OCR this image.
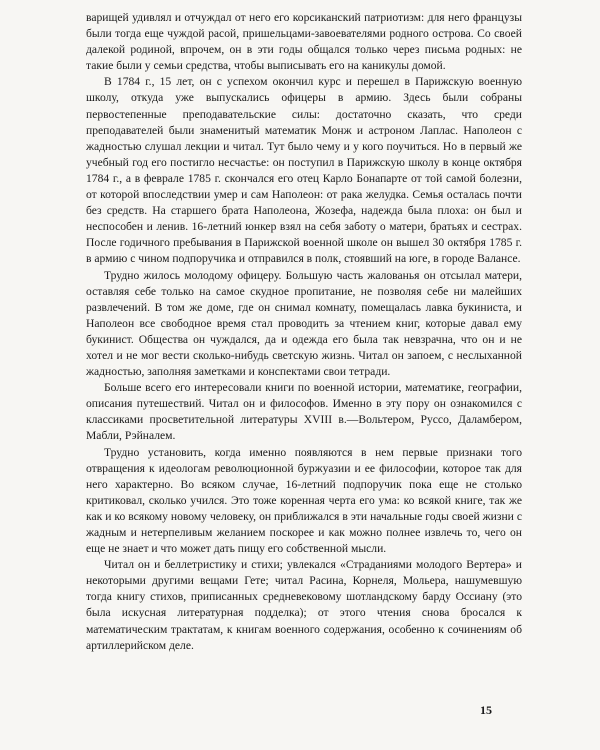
варищей удивлял и отчуждал от него его корсиканский патриотизм: для него французы были тогда еще чуждой расой, пришельцами-завоевателями родного острова. Со своей далекой родиной, впрочем, он в эти годы общался только через письма родных: не такие были у семьи средства, чтобы выписывать его на каникулы домой.

В 1784 г., 15 лет, он с успехом окончил курс и перешел в Парижскую военную школу, откуда уже выпускались офицеры в армию. Здесь были собраны первостепенные преподавательские силы: достаточно сказать, что среди преподавателей были знаменитый математик Монж и астроном Лаплас. Наполеон с жадностью слушал лекции и читал. Тут было чему и у кого поучиться. Но в первый же учебный год его постигло несчастье: он поступил в Парижскую школу в конце октября 1784 г., а в феврале 1785 г. скончался его отец Карло Бонапарте от той самой болезни, от которой впоследствии умер и сам Наполеон: от рака желудка. Семья осталась почти без средств. На старшего брата Наполеона, Жозефа, надежда была плоха: он был и неспособен и ленив. 16-летний юнкер взял на себя заботу о матери, братьях и сестрах. После годичного пребывания в Парижской военной школе он вышел 30 октября 1785 г. в армию с чином подпоручика и отправился в полк, стоявший на юге, в городе Валансе.

Трудно жилось молодому офицеру. Большую часть жалованья он отсылал матери, оставляя себе только на самое скудное пропитание, не позволяя себе ни малейших развлечений. В том же доме, где он снимал комнату, помещалась лавка букиниста, и Наполеон все свободное время стал проводить за чтением книг, которые давал ему букинист. Общества он чуждался, да и одежда его была так невзрачна, что он и не хотел и не мог вести сколько-нибудь светскую жизнь. Читал он запоем, с неслыханной жадностью, заполняя заметками и конспектами свои тетради.

Больше всего его интересовали книги по военной истории, математике, географии, описания путешествий. Читал он и философов. Именно в эту пору он ознакомился с классиками просветительной литературы XVIII в.—Вольтером, Руссо, Даламбером, Мабли, Рэйналем.

Трудно установить, когда именно появляются в нем первые признаки того отвращения к идеологам революционной буржуазии и ее философии, которое так для него характерно. Во всяком случае, 16-летний подпоручик пока еще не столько критиковал, сколько учился. Это тоже коренная черта его ума: ко всякой книге, так же как и ко всякому новому человеку, он приближался в эти начальные годы своей жизни с жадным и нетерпеливым желанием поскорее и как можно полнее извлечь то, чего он еще не знает и что может дать пищу его собственной мысли.

Читал он и беллетристику и стихи; увлекался «Страданиями молодого Вертера» и некоторыми другими вещами Гете; читал Расина, Корнеля, Мольера, нашумевшую тогда книгу стихов, приписанных средневековому шотландскому барду Оссиану (это была искусная литературная подделка); от этого чтения снова бросался к математическим трактатам, к книгам военного содержания, особенно к сочинениям об артиллерийском деле.

15
